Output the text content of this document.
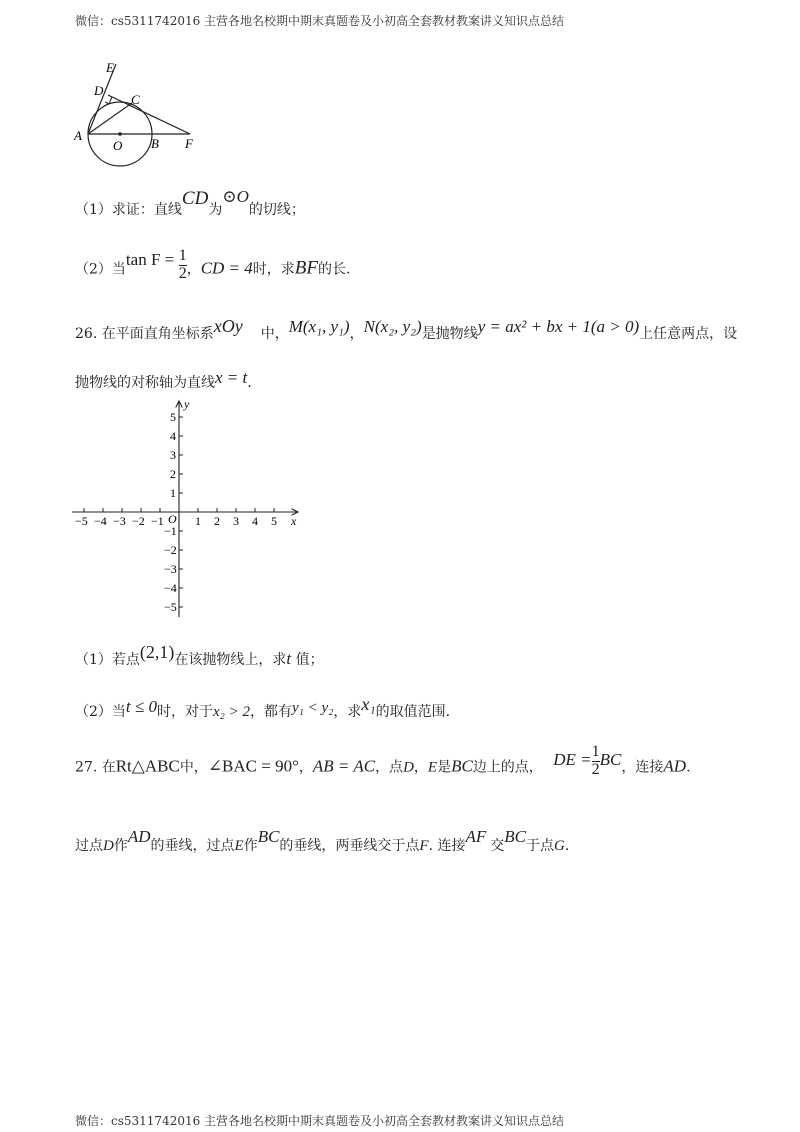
微信：cs5311742016 主营各地名校期中期末真题卷及小初高全套教材教案讲义知识点总结
E
D
C
A
O B F
（1）求证：直线CD为⊙O的切线；
（2）当$\tan F = \frac{1}{2}$ ，CD = 4时，求BF的长.
26. 在平面直角坐标系xOy 中，M(x₁, y₁)，N(x₂, y₂)是抛物线y = ax² + bx + 1(a > 0)上任意两点，设
抛物线的对称轴为直线x = t.
−5 −4 −3 −2 −1	1 2 3 4 5
5
4
3
2
1
−1
−2
−3
−4
−5
x
y
O
（1）若点(2,1)在该抛物线上，求t 值；
（2）当t ≤ 0时，对于x₂ > 2，都有y₁ < y₂，求x₁的取值范围.
27. 在Rt△ABC中，∠BAC = 90°，AB = AC，点D，E是BC边上的点， DE = $\frac{1}{2}$ BC，连接AD.
过点D作AD的垂线，过点E作BC的垂线，两垂线交于点F. 连接AF 交BC于点G.
微信：cs5311742016 主营各地名校期中期末真题卷及小初高全套教材教案讲义知识点总结
